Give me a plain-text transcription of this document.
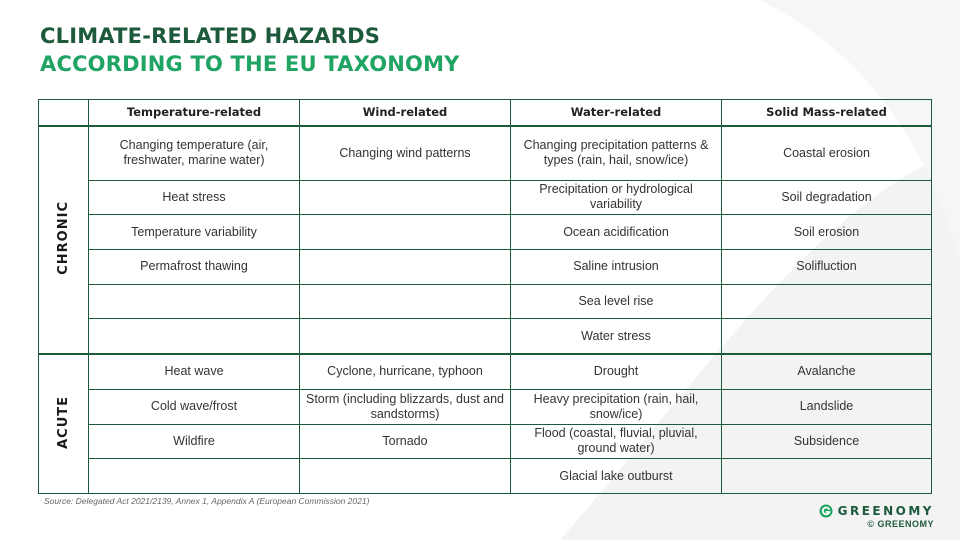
CLIMATE-RELATED HAZARDS
ACCORDING TO THE EU TAXONOMY
	Temperature-related	Wind-related	Water-related	Solid Mass-related
CHRONIC	Changing temperature (air, freshwater, marine water)	Changing wind patterns	Changing precipitation patterns & types (rain, hail, snow/ice)	Coastal erosion
	Heat stress		Precipitation or hydrological variability	Soil degradation
	Temperature variability		Ocean acidification	Soil erosion
	Permafrost thawing		Saline intrusion	Solifluction
			Sea level rise	
			Water stress	
ACUTE	Heat wave	Cyclone, hurricane, typhoon	Drought	Avalanche
	Cold wave/frost	Storm (including blizzards, dust and sandstorms)	Heavy precipitation (rain, hail, snow/ice)	Landslide
	Wildfire	Tornado	Flood (coastal, fluvial, pluvial, ground water)	Subsidence
			Glacial lake outburst	
Source: Delegated Act 2021/2139, Annex 1, Appendix A (European Commission 2021)
GREENOMY
© GREENOMY
